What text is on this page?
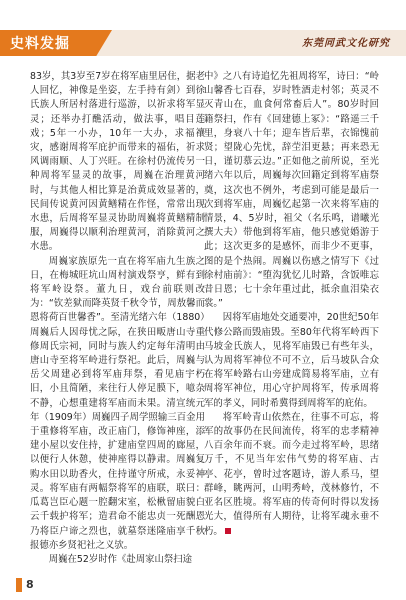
史料发掘	东莞同武文化研究

83岁，其3岁至7岁在将军庙里居住，据老人回忆，神像是坐姿，左手持有剑）到徐氏族人所居村落进行巡游，以祈求将军显灵；还举办打醮活动，做法事，唱目莲戏；5年一小办，10年一大办，求福禳灾，感谢周将军庇护而带来的福佑，祈求风调雨顺、人丁兴旺。在徐村仍流传另一种周将军显灵的故事，周巍在治理黄河时，与其他人相比算是治黄成效显著的，民间传说黄河因黄鳝精在作怪，常常出现水患，后周将军显灵协助周巍将黄鳝精制服，周巍得以顺利治理黄河，消除黄河之水患。

周巍家族原先一直在将军庙九生族之日，在梅城旺坑山周村演戏祭亨，鲜有到将军岭设祭。董九日，戏台前联则改为：“钦差狱而降英贤千秋令节，周敖馨而恩将荷百世馨香”。至清光绪六年（1880）周巍后人因母忧之际，在狭田畈唐山寺重修周氏宗祠，同时与族人约定每年清明由唐山寺至将军岭进行祭祀。此后，周巍与岳父周建必到将军庙拜祭，看见庙宇朽旧，小且简陋，来往行人停足膜下，噫杂不静，心想重建将军庙而未果。清宣统元年（1909年）周巍四子周学照输三百金用于重修将军庙，改正庙门，修饰神座，添建小屋以安住持，扩建庙堂四周的廊屋，以便行人休憩，使神座得以静肃。周巍复购水田以助香火，住持谨守所戒，永妥神灵。将军庙有两幅祭将军的庙联，联曰：瓜葛岂臣心题一腔翻宋室，松楸留庙貌白云千载护将军；造君命不能忠贞一死酬恩乃将臣户谛之烈也，就墓祭迷隆庙享千秋报德亦乡贤祀社之义欤。

周巍在52岁时作《赴周家山祭扫途

中》之八有诗追忆先祖周将军，诗曰：“岭山馨香七百春，岁时牲酒走村邻；英灵不灭青山在，血食何常畜后人”。80岁时回籍祭扫，作有《回建德上冢》：“路遥三千里，身衰八十年；迎车皆后辈，衣锦愧前贤；望陇心先忧，辞茔泪更悬；再来恐无日，谨切慕云边。”正如他之前所说，至光绪六年以后，周巍每次回籍定到将军庙祭奠，这次也不例外，考虑到可能是最后一次到将军庙，周巍忆起第一次来将军庙的情景，4、5岁时，祖父（名乐鸣，谱曦光撰大夫）带他到将军庙，他只感觉婚游于此；这次更多的是感怀，而非少不更事，图的是个热闹。周巍以伤感之情写下《过徐村庙前》：“堕沟犹忆儿时路，含饭唯忘昔日恩；七十余年重过此，抵余血泪染衣裳。”

因将军庙地处交通要冲，20世纪50年代修公路而毁庙毁。至80年代将军岭西下马坡金氏族人，见将军庙毁已有些年头，认为周将军神位不可不立，后马坡队合众在将军岭路右山旁建成简易将军庙，立有周将军神位，用心守护周将军，传承周将军的孝义，同时希冀得到周将军的庇佑。

将军岭青山依然在，往事不可忘，将军的故事仍在民间流传，将军的忠孝精神八百余年而不衰。而今走过将军岭，思绪万千，不见当年宏伟气势的将军庙、古亭、花亭，曾时过客题诗，游人系马，望群峰，眺两河，山明秀岭，茂林修竹，不亚名区胜境。将军庙的传奇何时得以发扬光大，值得所有人期待，让将军魂永垂不朽。

8
